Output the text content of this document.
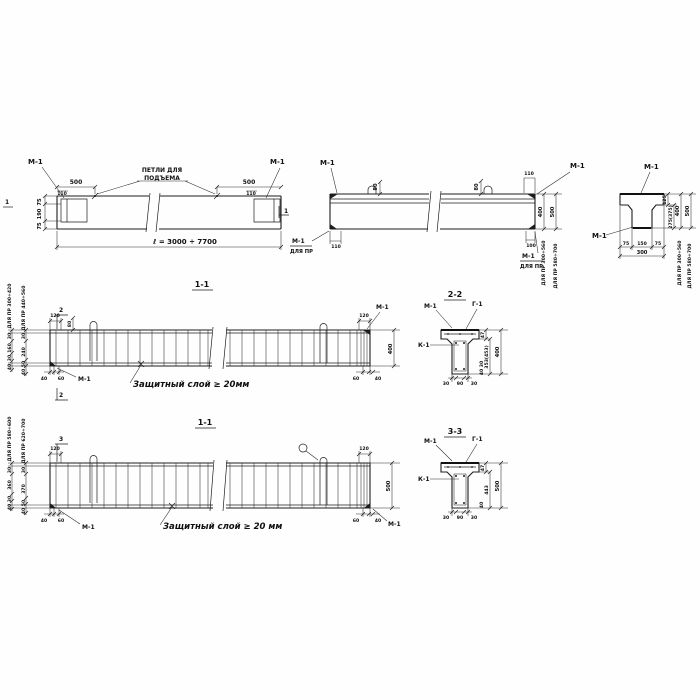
500	500
110	110
ПЕТЛИ ДЛЯ
ПОДЪЕМА
М-1	М-1
75
190
75
1
1
ℓ = 3000 ÷ 7700
80	80
110
М-1	М-1
М-1
ДЛЯ ПР
110	100
М-1
ДЛЯ ПР
400 500
ДЛЯ ПР 300÷560 ДЛЯ ПР 580÷700
М-1
М-1
75 150 75
300
125
275(375) 400 500
ДЛЯ ПР 300÷560 ДЛЯ ПР 580÷700
1-1
2
2
120
80
ДЛЯ ПР 300÷420 ДЛЯ ПР 440÷560
30
160
30
40
30
240
50
40
40 60 М-1
Защитный слой ≥ 20мм
М-1
120
400
60	40
2-2
М-1	Г-1
К-1
47
353(453) 400
30
40
30 90 30
1-1
3
120
ДЛЯ ПР 580÷600 ДЛЯ ПР 620÷700
30
360
30
40
30
370
50
40
40 60
М-1	Защитный слой ≥ 20 мм
120
500
60	40 М-1
3-3
М-1	Г-1
К-1
47
443 500
40
30 90 30
